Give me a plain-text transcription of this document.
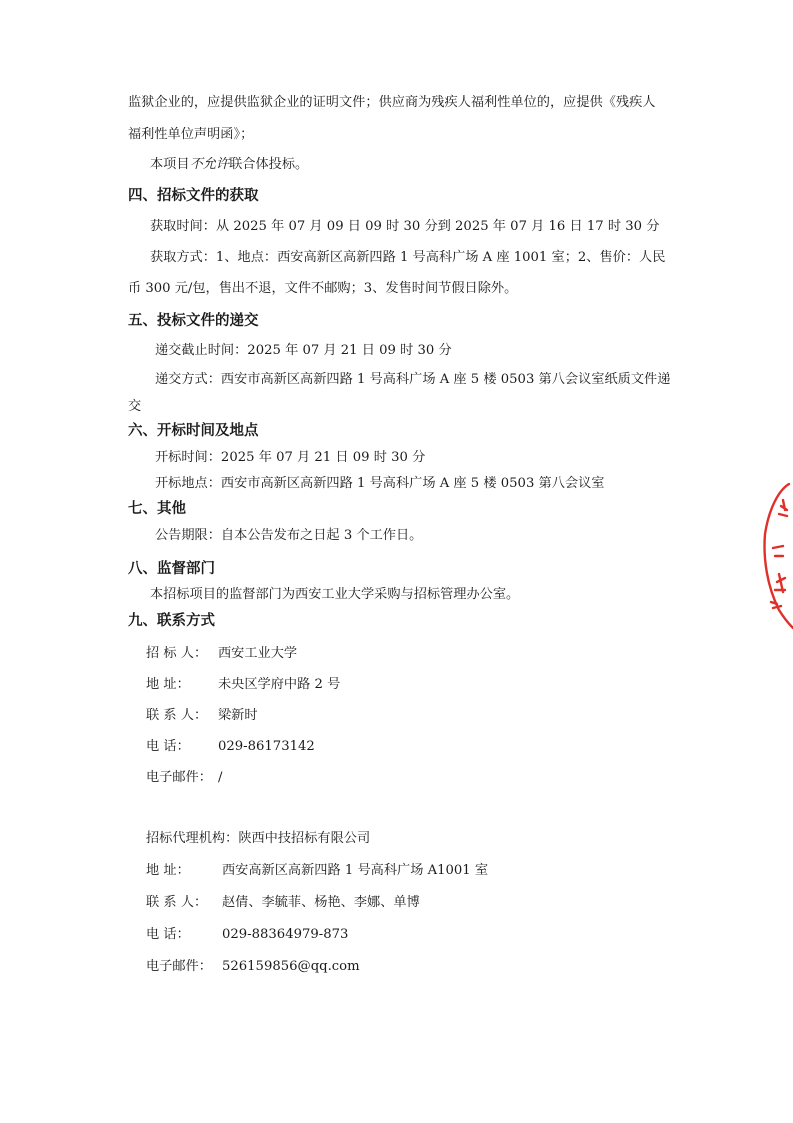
监狱企业的，应提供监狱企业的证明文件；供应商为残疾人福利性单位的，应提供《残疾人
福利性单位声明函》；
本项目不允许联合体投标。
四、招标文件的获取
获取时间：从 2025 年 07 月 09 日 09 时 30 分到 2025 年 07 月 16 日 17 时 30 分
获取方式：1、地点：西安高新区高新四路 1 号高科广场 A 座 1001 室；2、售价：人民
币 300 元/包，售出不退，文件不邮购；3、发售时间节假日除外。
五、投标文件的递交
递交截止时间：2025 年 07 月 21 日 09 时 30 分
递交方式：西安市高新区高新四路 1 号高科广场 A 座 5 楼 0503 第八会议室纸质文件递
交
六、开标时间及地点
开标时间：2025 年 07 月 21 日 09 时 30 分
开标地点：西安市高新区高新四路 1 号高科广场 A 座 5 楼 0503 第八会议室
七、其他
公告期限：自本公告发布之日起 3 个工作日。
八、监督部门
本招标项目的监督部门为西安工业大学采购与招标管理办公室。
九、联系方式
招 标 人： 西安工业大学
地 址： 未央区学府中路 2 号
联 系 人： 梁新时
电 话： 029-86173142
电子邮件： /
招标代理机构：陕西中技招标有限公司
地 址： 西安高新区高新四路 1 号高科广场 A1001 室
联 系 人： 赵倩、李毓菲、杨艳、李娜、单博
电 话： 029-88364979-873
电子邮件： 526159856@qq.com
